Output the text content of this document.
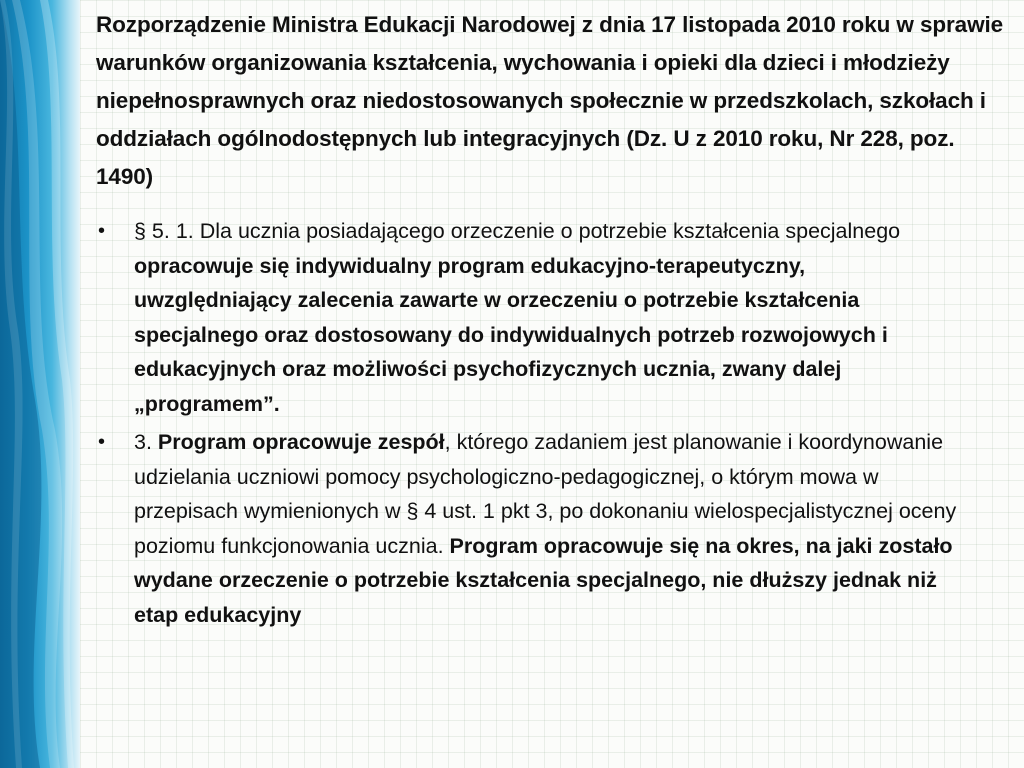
Rozporządzenie Ministra Edukacji Narodowej z dnia 17 listopada 2010 roku w sprawie warunków organizowania kształcenia, wychowania i opieki dla dzieci i młodzieży niepełnosprawnych oraz niedostosowanych społecznie w przedszkolach, szkołach i oddziałach ogólnodostępnych lub integracyjnych (Dz. U z 2010 roku, Nr 228, poz. 1490)
• § 5. 1. Dla ucznia posiadającego orzeczenie o potrzebie kształcenia specjalnego opracowuje się indywidualny program edukacyjno-terapeutyczny, uwzględniający zalecenia zawarte w orzeczeniu o potrzebie kształcenia specjalnego oraz dostosowany do indywidualnych potrzeb rozwojowych i edukacyjnych oraz możliwości psychofizycznych ucznia, zwany dalej „programem”.
• 3. Program opracowuje zespół, którego zadaniem jest planowanie i koordynowanie udzielania uczniowi pomocy psychologiczno-pedagogicznej, o którym mowa w przepisach wymienionych w § 4 ust. 1 pkt 3, po dokonaniu wielospecjalistycznej oceny poziomu funkcjonowania ucznia. Program opracowuje się na okres, na jaki zostało wydane orzeczenie o potrzebie kształcenia specjalnego, nie dłuższy jednak niż etap edukacyjny
